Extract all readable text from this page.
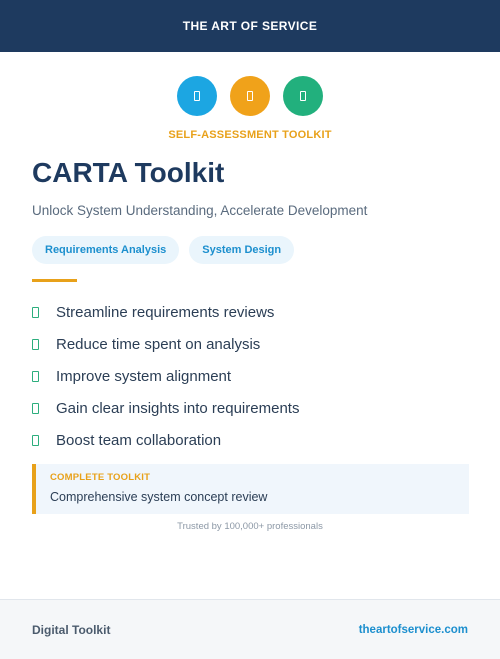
THE ART OF SERVICE
SELF-ASSESSMENT TOOLKIT
CARTA Toolkit

Unlock System Understanding, Accelerate Development

Requirements Analysis	System Design
Streamline requirements reviews
Reduce time spent on analysis
Improve system alignment
Gain clear insights into requirements
Boost team collaboration
COMPLETE TOOLKIT
Comprehensive system concept review
Trusted by 100,000+ professionals
Digital Toolkit	theartofservice.com
